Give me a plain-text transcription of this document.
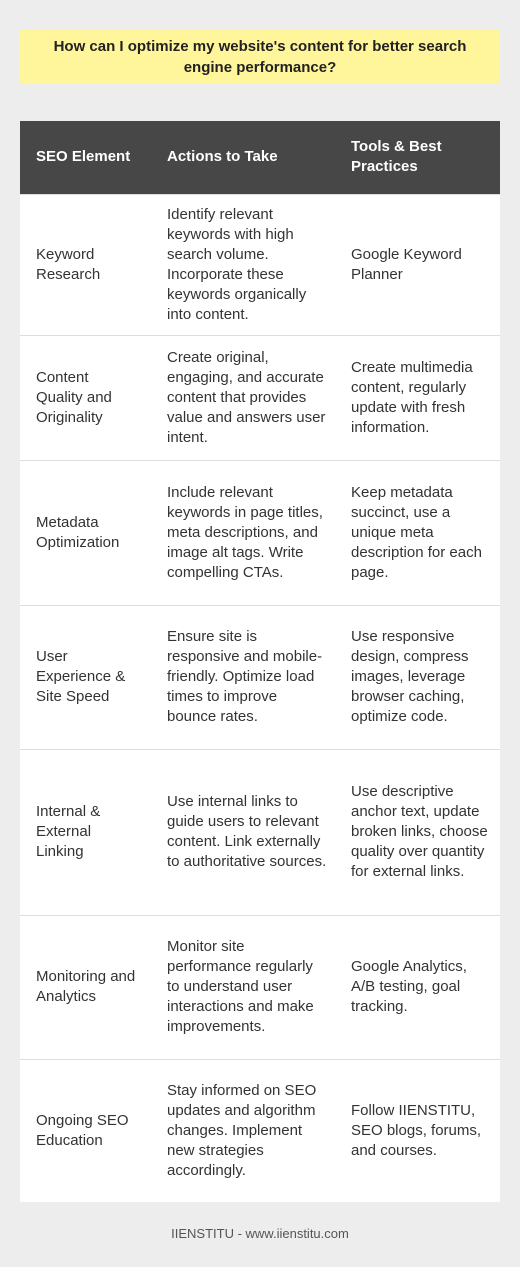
How can I optimize my website's content for better search engine performance?
SEO Element	Actions to Take	Tools & Best Practices
Keyword Research	Identify relevant keywords with high search volume. Incorporate these keywords organically into content.	Google Keyword Planner
Content Quality and Originality	Create original, engaging, and accurate content that provides value and answers user intent.	Create multimedia content, regularly update with fresh information.
Metadata Optimization	Include relevant keywords in page titles, meta descriptions, and image alt tags. Write compelling CTAs.	Keep metadata succinct, use a unique meta description for each page.
User Experience & Site Speed	Ensure site is responsive and mobile-friendly. Optimize load times to improve bounce rates.	Use responsive design, compress images, leverage browser caching, optimize code.
Internal & External Linking	Use internal links to guide users to relevant content. Link externally to authoritative sources.	Use descriptive anchor text, update broken links, choose quality over quantity for external links.
Monitoring and Analytics	Monitor site performance regularly to understand user interactions and make improvements.	Google Analytics, A/B testing, goal tracking.
Ongoing SEO Education	Stay informed on SEO updates and algorithm changes. Implement new strategies accordingly.	Follow IIENSTITU, SEO blogs, forums, and courses.
IIENSTITU - www.iienstitu.com
